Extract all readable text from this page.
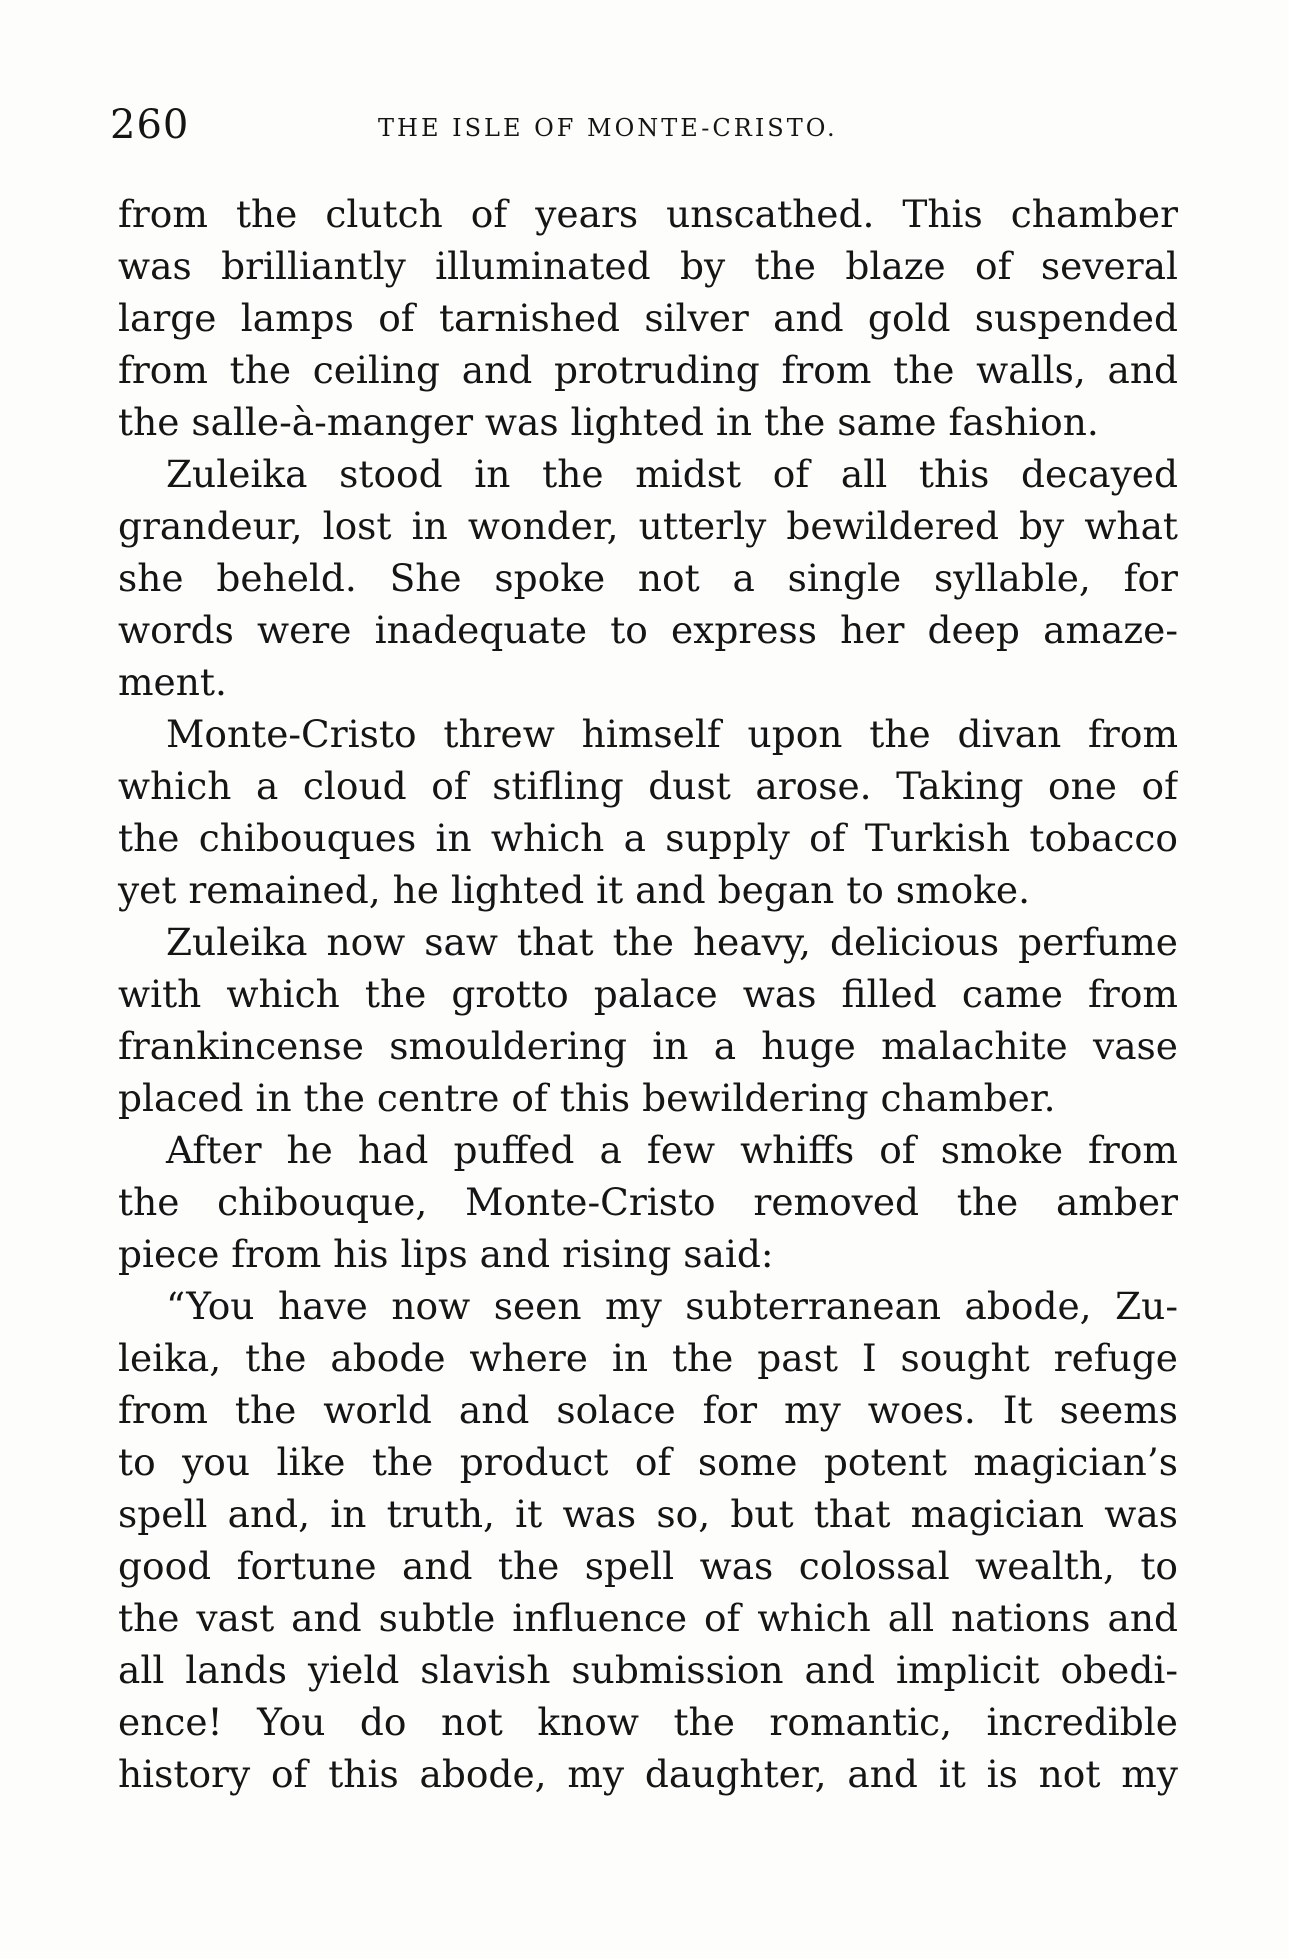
260	THE ISLE OF MONTE-CRISTO.
from the clutch of years unscathed. This chamber
was brilliantly illuminated by the blaze of several
large lamps of tarnished silver and gold suspended
from the ceiling and protruding from the walls, and
the salle-à-manger was lighted in the same fashion.
Zuleika stood in the midst of all this decayed
grandeur, lost in wonder, utterly bewildered by what
she beheld. She spoke not a single syllable, for
words were inadequate to express her deep amaze-
ment.
Monte-Cristo threw himself upon the divan from
which a cloud of stifling dust arose. Taking one of
the chibouques in which a supply of Turkish tobacco
yet remained, he lighted it and began to smoke.
Zuleika now saw that the heavy, delicious perfume
with which the grotto palace was filled came from
frankincense smouldering in a huge malachite vase
placed in the centre of this bewildering chamber.
After he had puffed a few whiffs of smoke from
the chibouque, Monte-Cristo removed the amber
piece from his lips and rising said:
“You have now seen my subterranean abode, Zu-
leika, the abode where in the past I sought refuge
from the world and solace for my woes. It seems
to you like the product of some potent magician’s
spell and, in truth, it was so, but that magician was
good fortune and the spell was colossal wealth, to
the vast and subtle influence of which all nations and
all lands yield slavish submission and implicit obedi-
ence! You do not know the romantic, incredible
history of this abode, my daughter, and it is not my
